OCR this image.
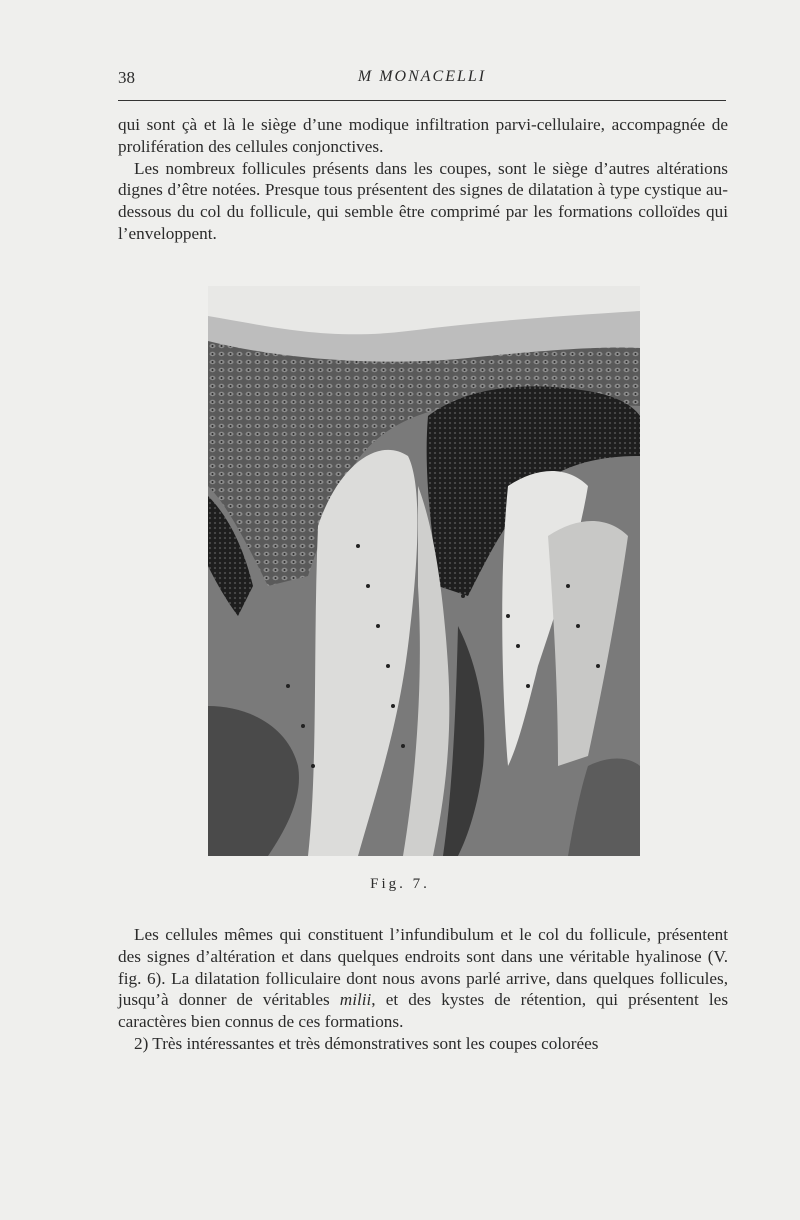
38	M MONACELLI

qui sont çà et là le siège d’une modique infiltration parvi-cellulaire, accompagnée de prolifération des cellules conjonctives.

Les nombreux follicules présents dans les coupes, sont le siège d’autres altérations dignes d’être notées. Presque tous présentent des signes de dilatation à type cystique au-dessous du col du follicule, qui semble être comprimé par les formations colloïdes qui l’enveloppent.

Fig. 7.

Les cellules mêmes qui constituent l’infundibulum et le col du follicule, présentent des signes d’altération et dans quelques endroits sont dans une véritable hyalinose (V. fig. 6). La dilatation folliculaire dont nous avons parlé arrive, dans quelques follicules, jusqu’à donner de véritables milii, et des kystes de rétention, qui présentent les caractères bien connus de ces formations.

2) Très intéressantes et très démonstratives sont les coupes colorées
